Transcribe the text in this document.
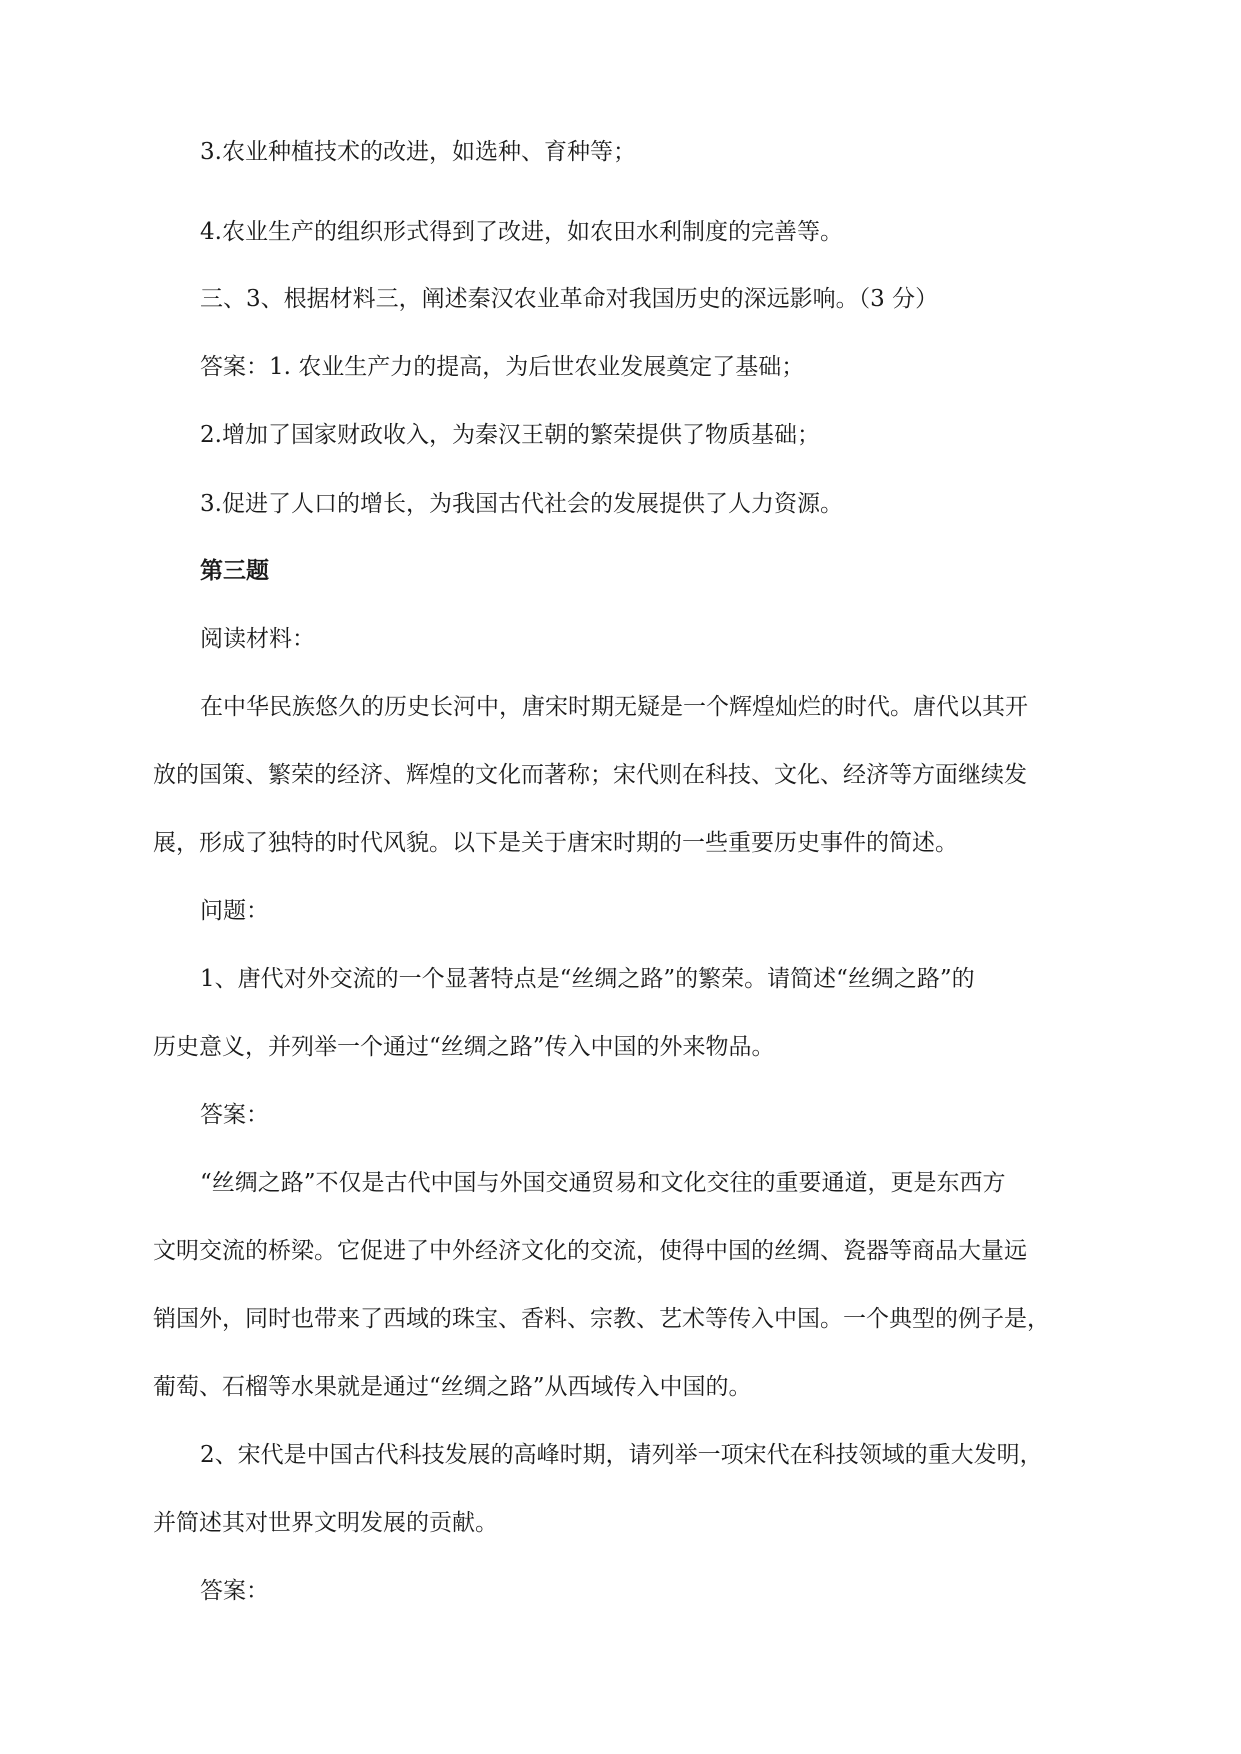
3.农业种植技术的改进，如选种、育种等；
4.农业生产的组织形式得到了改进，如农田水利制度的完善等。
三、3、根据材料三，阐述秦汉农业革命对我国历史的深远影响。（3 分）
答案：1. 农业生产力的提高，为后世农业发展奠定了基础；
2.增加了国家财政收入，为秦汉王朝的繁荣提供了物质基础；
3.促进了人口的增长，为我国古代社会的发展提供了人力资源。
第三题
阅读材料：
在中华民族悠久的历史长河中，唐宋时期无疑是一个辉煌灿烂的时代。唐代以其开
放的国策、繁荣的经济、辉煌的文化而著称；宋代则在科技、文化、经济等方面继续发
展，形成了独特的时代风貌。以下是关于唐宋时期的一些重要历史事件的简述。
问题：
1、唐代对外交流的一个显著特点是“丝绸之路”的繁荣。请简述“丝绸之路”的
历史意义，并列举一个通过“丝绸之路”传入中国的外来物品。
答案：
“丝绸之路”不仅是古代中国与外国交通贸易和文化交往的重要通道，更是东西方
文明交流的桥梁。它促进了中外经济文化的交流，使得中国的丝绸、瓷器等商品大量远
销国外，同时也带来了西域的珠宝、香料、宗教、艺术等传入中国。一个典型的例子是，
葡萄、石榴等水果就是通过“丝绸之路”从西域传入中国的。
2、宋代是中国古代科技发展的高峰时期，请列举一项宋代在科技领域的重大发明，
并简述其对世界文明发展的贡献。
答案：
